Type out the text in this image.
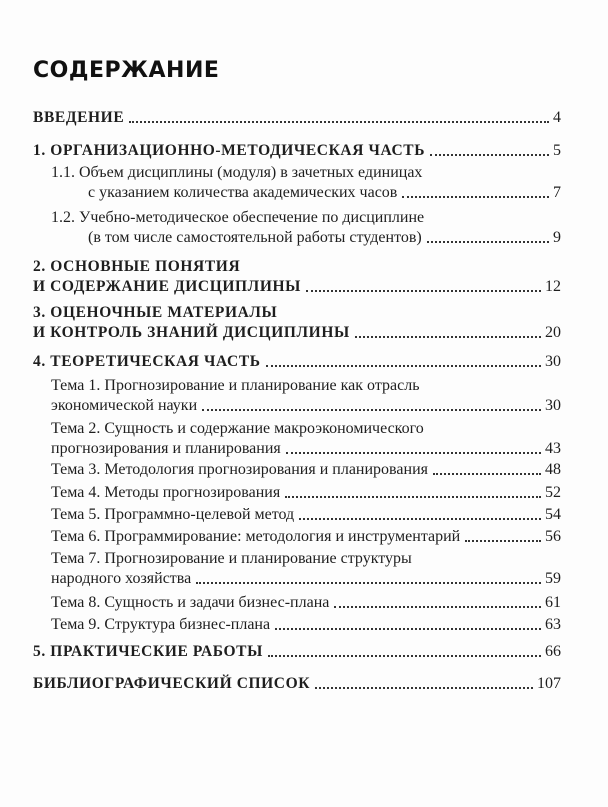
СОДЕРЖАНИЕ
ВВЕДЕНИЕ	4
1. ОРГАНИЗАЦИОННО-МЕТОДИЧЕСКАЯ ЧАСТЬ	5
1.1. Объем дисциплины (модуля) в зачетных единицах
с указанием количества академических часов	7
1.2. Учебно-методическое обеспечение по дисциплине
(в том числе самостоятельной работы студентов)	9
2. ОСНОВНЫЕ ПОНЯТИЯ
И СОДЕРЖАНИЕ ДИСЦИПЛИНЫ	12
3. ОЦЕНОЧНЫЕ МАТЕРИАЛЫ
И КОНТРОЛЬ ЗНАНИЙ ДИСЦИПЛИНЫ	20
4. ТЕОРЕТИЧЕСКАЯ ЧАСТЬ	30
Тема 1. Прогнозирование и планирование как отрасль
экономической науки	30
Тема 2. Сущность и содержание макроэкономического
прогнозирования и планирования	43
Тема 3. Методология прогнозирования и планирования	48
Тема 4. Методы прогнозирования	52
Тема 5. Программно-целевой метод	54
Тема 6. Программирование: методология и инструментарий	56
Тема 7. Прогнозирование и планирование структуры
народного хозяйства	59
Тема 8. Сущность и задачи бизнес-плана	61
Тема 9. Структура бизнес-плана	63
5. ПРАКТИЧЕСКИЕ РАБОТЫ	66
БИБЛИОГРАФИЧЕСКИЙ СПИСОК	107
